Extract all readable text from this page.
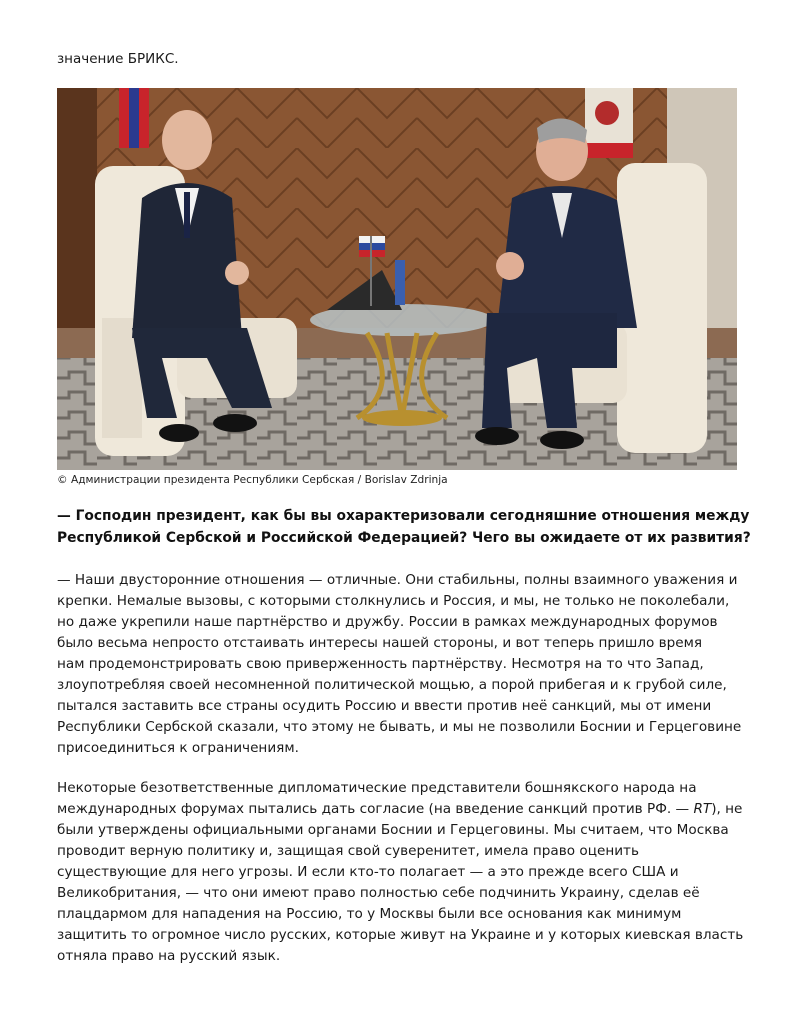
значение БРИКС.
© Администрации президента Республики Сербская / Borislav Zdrinja
— Господин президент, как бы вы охарактеризовали сегодняшние отношения между
Республикой Сербской и Российской Федерацией? Чего вы ожидаете от их развития?
— Наши двусторонние отношения — отличные. Они стабильны, полны взаимного уважения и
крепки. Немалые вызовы, с которыми столкнулись и Россия, и мы, не только не поколебали,
но даже укрепили наше партнёрство и дружбу. России в рамках международных форумов
было весьма непросто отстаивать интересы нашей стороны, и вот теперь пришло время
нам продемонстрировать свою приверженность партнёрству. Несмотря на то что Запад,
злоупотребляя своей несомненной политической мощью, а порой прибегая и к грубой силе,
пытался заставить все страны осудить Россию и ввести против неё санкций, мы от имени
Республики Сербской сказали, что этому не бывать, и мы не позволили Боснии и Герцеговине
присоединиться к ограничениям.
Некоторые безответственные дипломатические представители бошнякского народа на
международных форумах пытались дать согласие (на введение санкций против РФ. — RT), не
были утверждены официальными органами Боснии и Герцеговины. Мы считаем, что Москва
проводит верную политику и, защищая свой суверенитет, имела право оценить
существующие для него угрозы. И если кто-то полагает — а это прежде всего США и
Великобритания, — что они имеют право полностью себе подчинить Украину, сделав её
плацдармом для нападения на Россию, то у Москвы были все основания как минимум
защитить то огромное число русских, которые живут на Украине и у которых киевская власть
отняла право на русский язык.
